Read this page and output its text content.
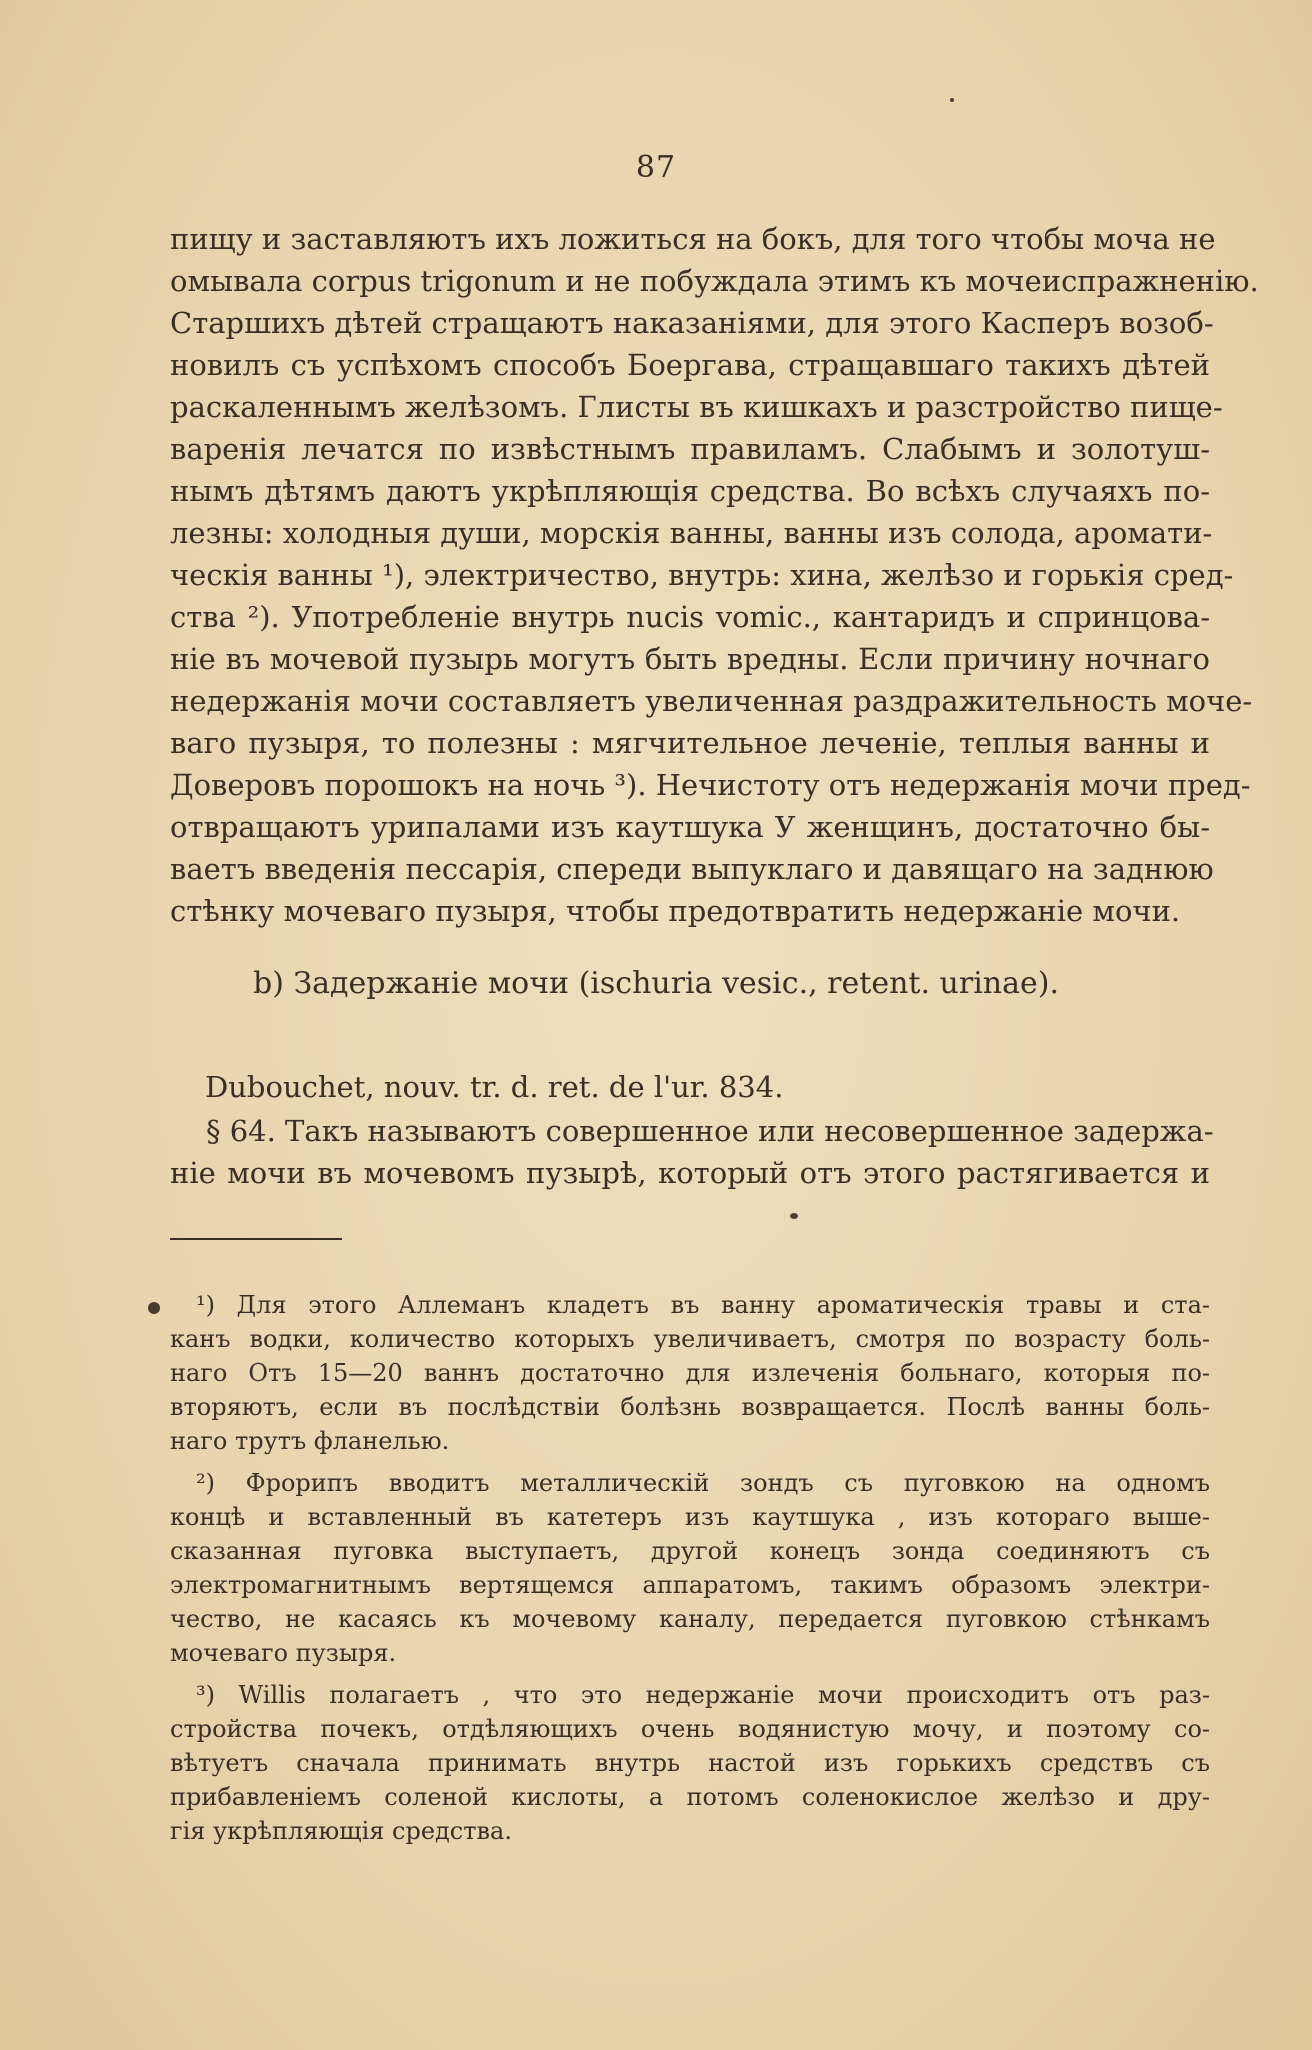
87
пищу и заставляютъ ихъ ложиться на бокъ, для того чтобы моча не
омывала corpus trigonum и не побуждала этимъ къ мочеиспражненію.
Старшихъ дѣтей стращаютъ наказаніями, для этого Касперъ возоб-
новилъ съ успѣхомъ способъ Боергава, стращавшаго такихъ дѣтей
раскаленнымъ желѣзомъ. Глисты въ кишкахъ и разстройство пище-
варенія лечатся по извѣстнымъ правиламъ. Слабымъ и золотуш-
нымъ дѣтямъ даютъ укрѣпляющія средства. Во всѣхъ случаяхъ по-
лезны: холодныя души, морскія ванны, ванны изъ солода, аромати-
ческія ванны ¹), электричество, внутрь: хина, желѣзо и горькія сред-
ства ²). Употребленіе внутрь nucis vomic., кантаридъ и спринцова-
ніе въ мочевой пузырь могутъ быть вредны. Если причину ночнаго
недержанія мочи составляетъ увеличенная раздражительность моче-
ваго пузыря, то полезны : мягчительное леченіе, теплыя ванны и
Доверовъ порошокъ на ночь ³). Нечистоту отъ недержанія мочи пред-
отвращаютъ урипалами изъ каутшука У женщинъ, достаточно бы-
ваетъ введенія пессарія, спереди выпуклаго и давящаго на заднюю
стѣнку мочеваго пузыря, чтобы предотвратить недержаніе мочи.
b) Задержаніе мочи (ischuria vesic., retent. urinae).
Dubouchet, nouv. tr. d. ret. de l'ur. 834.
§ 64. Такъ называютъ совершенное или несовершенное задержа-
ніе мочи въ мочевомъ пузырѣ, который отъ этого растягивается и
¹) Для этого Аллеманъ кладетъ въ ванну ароматическія травы и ста-
канъ водки, количество которыхъ увеличиваетъ, смотря по возрасту боль-
наго Отъ 15—20 ваннъ достаточно для излеченія больнаго, которыя по-
вторяютъ, если въ послѣдствіи болѣзнь возвращается. Послѣ ванны боль-
наго трутъ фланелью.
²) Фрорипъ вводитъ металлическій зондъ съ пуговкою на одномъ
концѣ и вставленный въ катетеръ изъ каутшука , изъ котораго выше-
сказанная пуговка выступаетъ, другой конецъ зонда соединяютъ съ
электромагнитнымъ вертящемся аппаратомъ, такимъ образомъ электри-
чество, не касаясь къ мочевому каналу, передается пуговкою стѣнкамъ
мочеваго пузыря.
³) Willis полагаетъ , что это недержаніе мочи происходитъ отъ раз-
стройства почекъ, отдѣляющихъ очень водянистую мочу, и поэтому со-
вѣтуетъ сначала принимать внутрь настой изъ горькихъ средствъ съ
прибавленіемъ соленой кислоты, а потомъ соленокислое желѣзо и дру-
гія укрѣпляющія средства.
